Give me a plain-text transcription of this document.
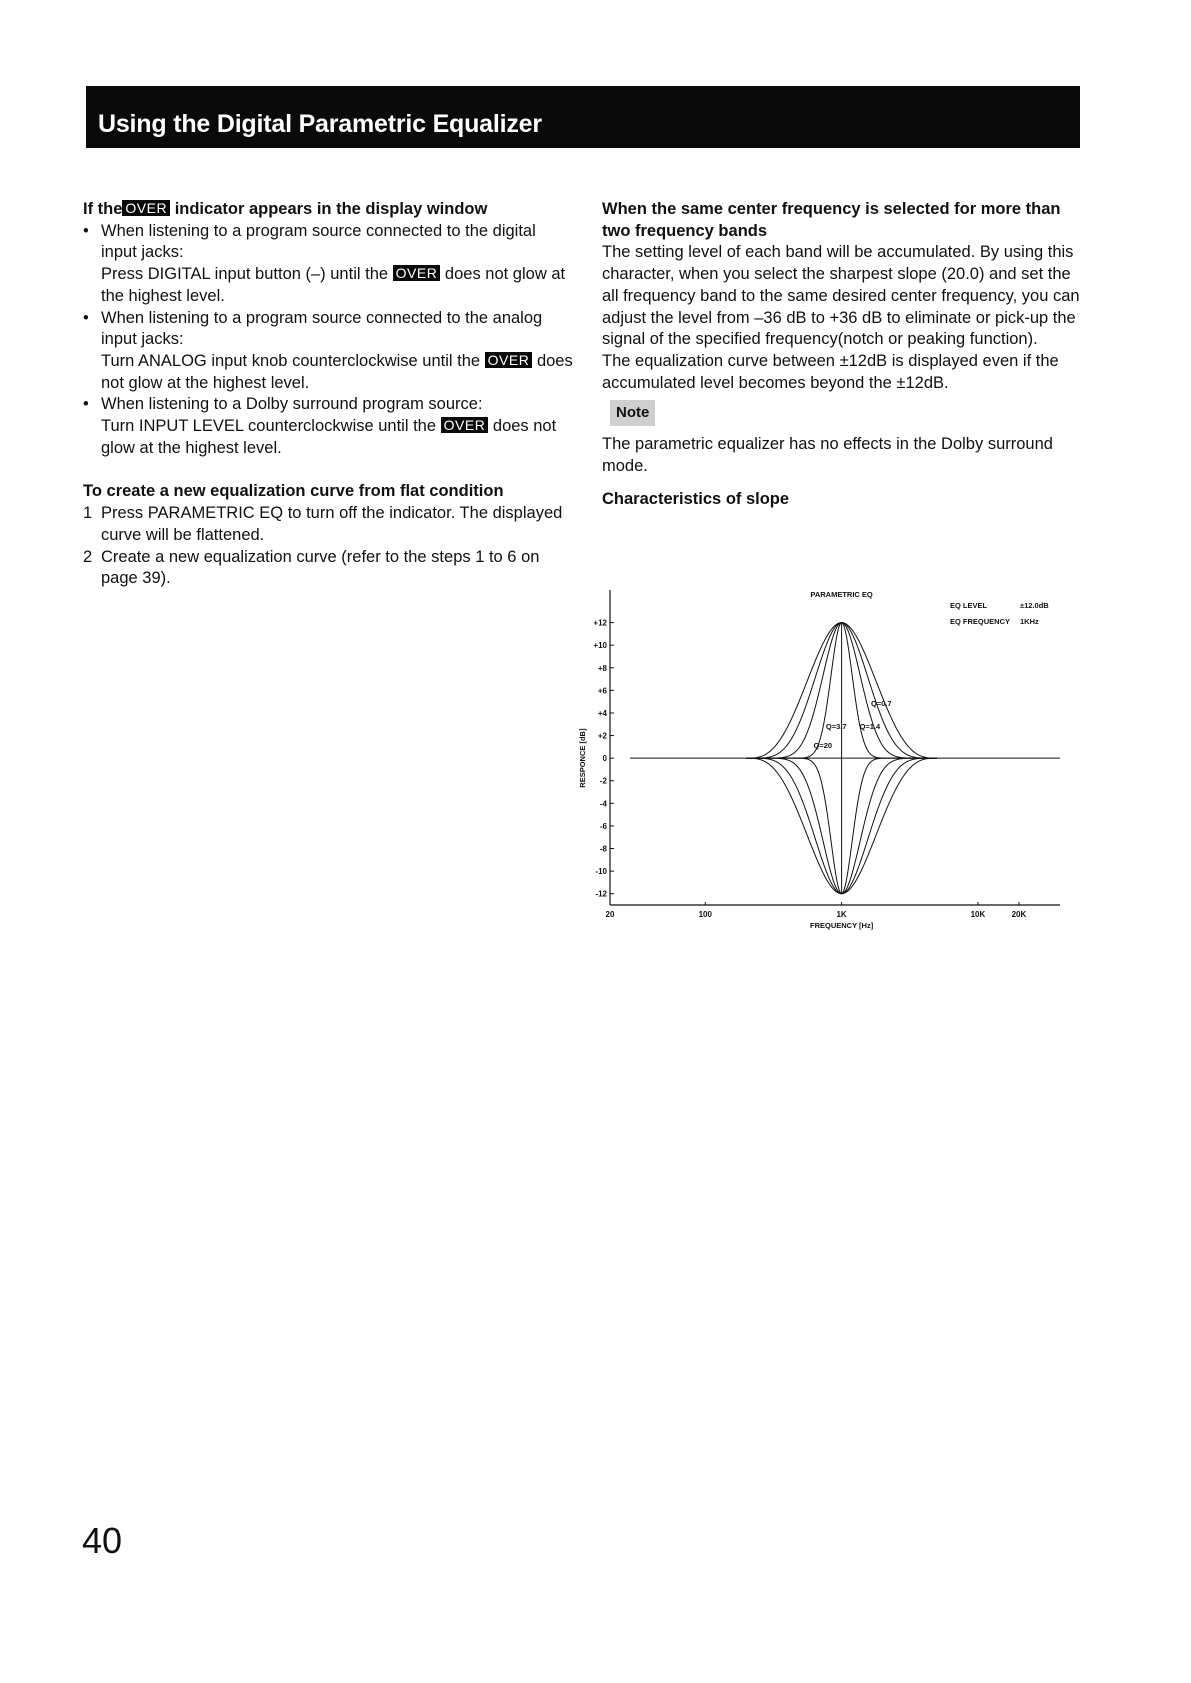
Using the Digital Parametric Equalizer
If the OVER indicator appears in the display window
• When listening to a program source connected to the digital input jacks:

Press DIGITAL input button (–) until the OVER does not glow at the highest level.

• When listening to a program source connected to the analog input jacks:

Turn ANALOG input knob counterclockwise until the OVER does not glow at the highest level.

• When listening to a Dolby surround program source:

Turn INPUT LEVEL counterclockwise until the OVER does not glow at the highest level.

To create a new equalization curve from flat condition
1 Press PARAMETRIC EQ to turn off the indicator. The displayed curve will be flattened.

2 Create a new equalization curve (refer to the steps 1 to 6 on page 39).

When the same center frequency is selected for more than two frequency bands

The setting level of each band will be accumulated. By using this character, when you select the sharpest slope (20.0) and set the all frequency band to the same desired center frequency, you can adjust the level from –36 dB to +36 dB to eliminate or pick-up the signal of the specified frequency(notch or peaking function).

The equalization curve between ±12dB is displayed even if the accumulated level becomes beyond the ±12dB.

Note

The parametric equalizer has no effects in the Dolby surround mode.

Characteristics of slope
+12
+10
+8
+6
+4
+2
0
-2
-4
-6
-8
-10
-12
20	100	1K	10K	20K
FREQUENCY [Hz]
RESPONCE [dB]
PARAMETRIC EQ
EQ LEVEL	±12.0dB
EQ FREQUENCY 1KHz
Q=0.7
Q=1.4
Q=3.7
Q=20
40
